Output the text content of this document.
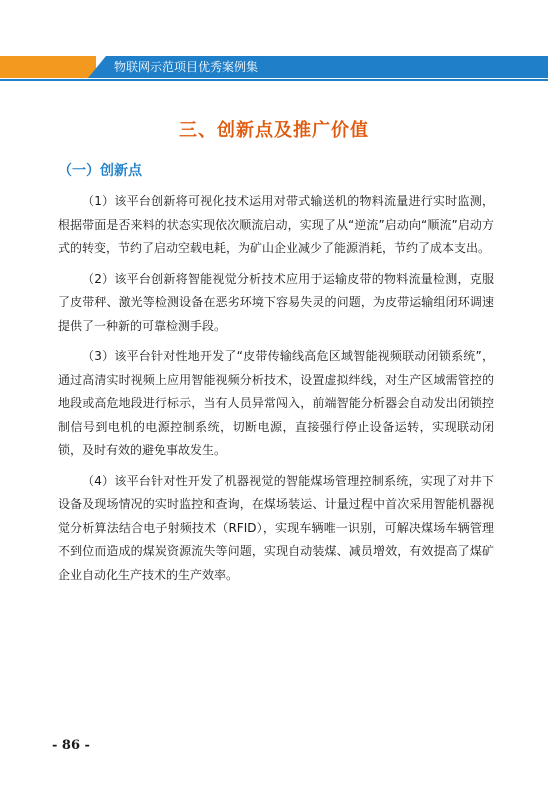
物联网示范项目优秀案例集
三、创新点及推广价值
（一）创新点

（1）该平台创新将可视化技术运用对带式输送机的物料流量进行实时监测，根据带面是否来料的状态实现依次顺流启动，实现了从“逆流”启动向“顺流”启动方式的转变，节约了启动空载电耗，为矿山企业减少了能源消耗，节约了成本支出。

（2）该平台创新将智能视觉分析技术应用于运输皮带的物料流量检测，克服了皮带秤、激光等检测设备在恶劣环境下容易失灵的问题，为皮带运输组闭环调速提供了一种新的可靠检测手段。

（3）该平台针对性地开发了“皮带传输线高危区域智能视频联动闭锁系统”，通过高清实时视频上应用智能视频分析技术，设置虚拟绊线，对生产区域需管控的地段或高危地段进行标示，当有人员异常闯入，前端智能分析器会自动发出闭锁控制信号到电机的电源控制系统，切断电源，直接强行停止设备运转，实现联动闭锁，及时有效的避免事故发生。

（4）该平台针对性开发了机器视觉的智能煤场管理控制系统，实现了对井下设备及现场情况的实时监控和查询，在煤场装运、计量过程中首次采用智能机器视觉分析算法结合电子射频技术（RFID），实现车辆唯一识别，可解决煤场车辆管理不到位而造成的煤炭资源流失等问题，实现自动装煤、减员增效，有效提高了煤矿企业自动化生产技术的生产效率。

- 86 -
